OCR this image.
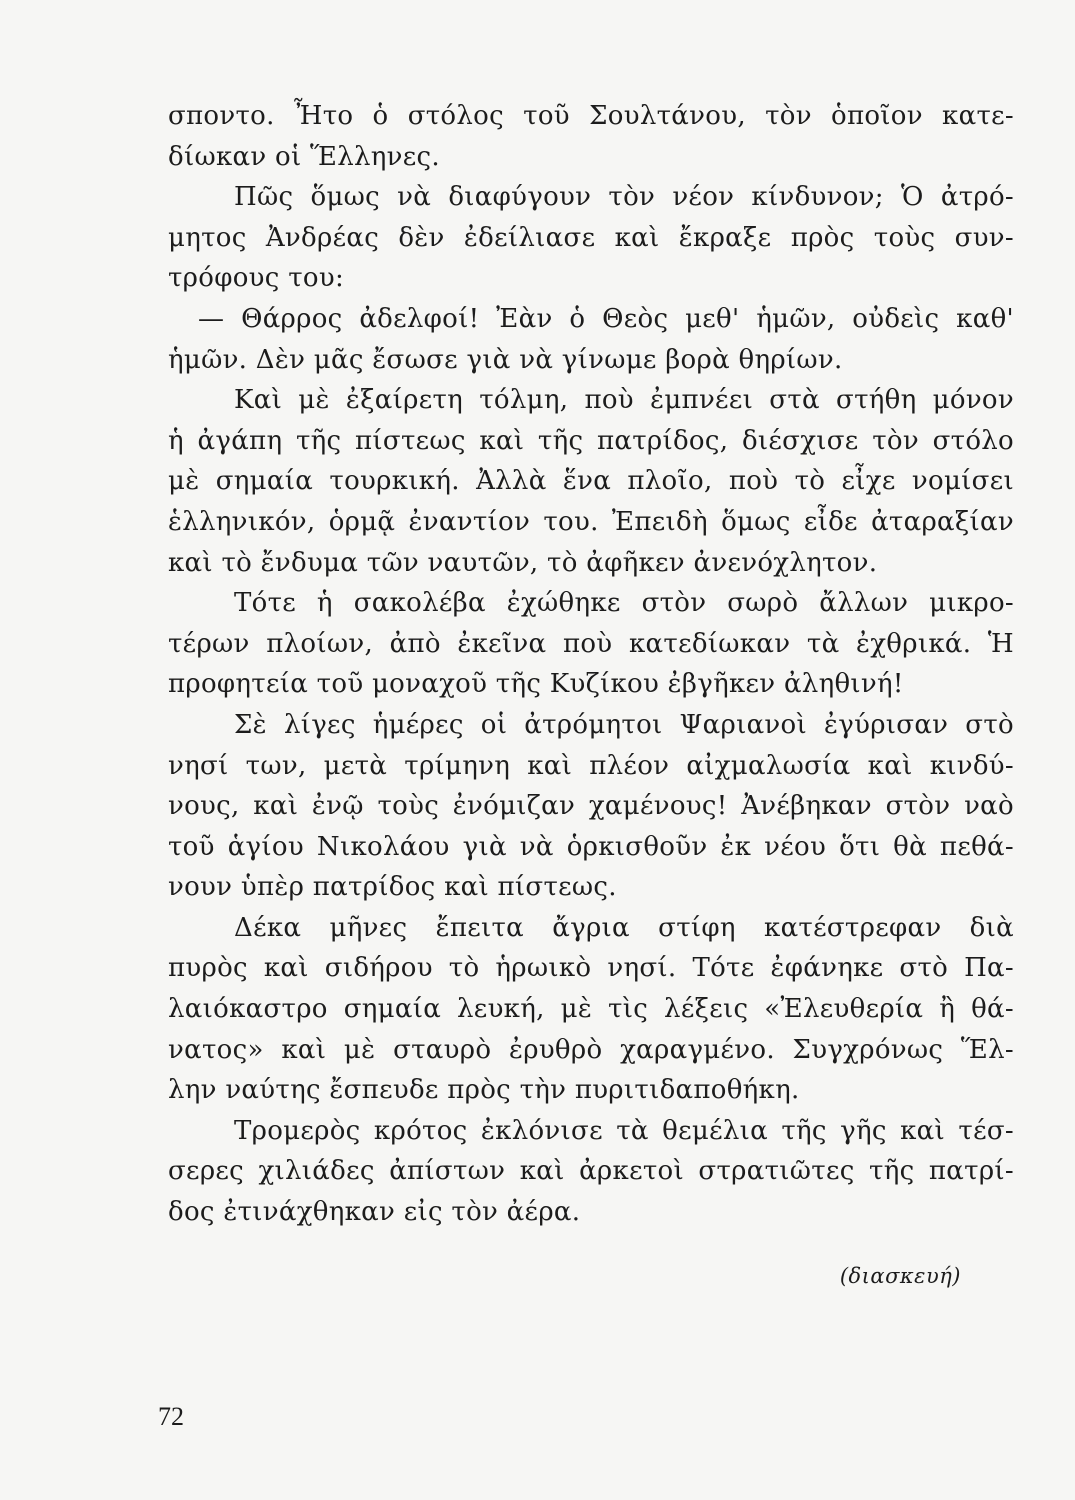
σποντο. Ἦτο ὁ στόλος τοῦ Σουλτάνου, τὸν ὁποῖον κατε-
δίωκαν οἱ Ἕλληνες.
Πῶς ὅμως νὰ διαφύγουν τὸν νέον κίνδυνον; Ὁ ἀτρό-
μητος Ἀνδρέας δὲν ἐδείλιασε καὶ ἔκραξε πρὸς τοὺς συν-
τρόφους του:
— Θάρρος ἀδελφοί! Ἐὰν ὁ Θεὸς μεθ' ἡμῶν, οὐδεὶς καθ'
ἡμῶν. Δὲν μᾶς ἔσωσε γιὰ νὰ γίνωμε βορὰ θηρίων.
Καὶ μὲ ἐξαίρετη τόλμη, ποὺ ἐμπνέει στὰ στήθη μόνον
ἡ ἀγάπη τῆς πίστεως καὶ τῆς πατρίδος, διέσχισε τὸν στόλο
μὲ σημαία τουρκική. Ἀλλὰ ἕνα πλοῖο, ποὺ τὸ εἶχε νομίσει
ἑλληνικόν, ὁρμᾷ ἐναντίον του. Ἐπειδὴ ὅμως εἶδε ἀταραξίαν
καὶ τὸ ἔνδυμα τῶν ναυτῶν, τὸ ἀφῆκεν ἀνενόχλητον.
Τότε ἡ σακολέβα ἐχώθηκε στὸν σωρὸ ἄλλων μικρο-
τέρων πλοίων, ἀπὸ ἐκεῖνα ποὺ κατεδίωκαν τὰ ἐχθρικά. Ἡ
προφητεία τοῦ μοναχοῦ τῆς Κυζίκου ἐβγῆκεν ἀληθινή!
Σὲ λίγες ἡμέρες οἱ ἀτρόμητοι Ψαριανοὶ ἐγύρισαν στὸ
νησί των, μετὰ τρίμηνη καὶ πλέον αἰχμαλωσία καὶ κινδύ-
νους, καὶ ἐνῷ τοὺς ἐνόμιζαν χαμένους! Ἀνέβηκαν στὸν ναὸ
τοῦ ἁγίου Νικολάου γιὰ νὰ ὁρκισθοῦν ἐκ νέου ὅτι θὰ πεθά-
νουν ὑπὲρ πατρίδος καὶ πίστεως.
Δέκα μῆνες ἔπειτα ἄγρια στίφη κατέστρεφαν διὰ
πυρὸς καὶ σιδήρου τὸ ἡρωικὸ νησί. Τότε ἐφάνηκε στὸ Πα-
λαιόκαστρο σημαία λευκή, μὲ τὶς λέξεις «Ἐλευθερία ἢ θά-
νατος» καὶ μὲ σταυρὸ ἐρυθρὸ χαραγμένο. Συγχρόνως Ἕλ-
λην ναύτης ἔσπευδε πρὸς τὴν πυριτιδαποθήκη.
Τρομερὸς κρότος ἐκλόνισε τὰ θεμέλια τῆς γῆς καὶ τέσ-
σερες χιλιάδες ἀπίστων καὶ ἀρκετοὶ στρατιῶτες τῆς πατρί-
δος ἐτινάχθηκαν εἰς τὸν ἀέρα.
(διασκευή)
72
